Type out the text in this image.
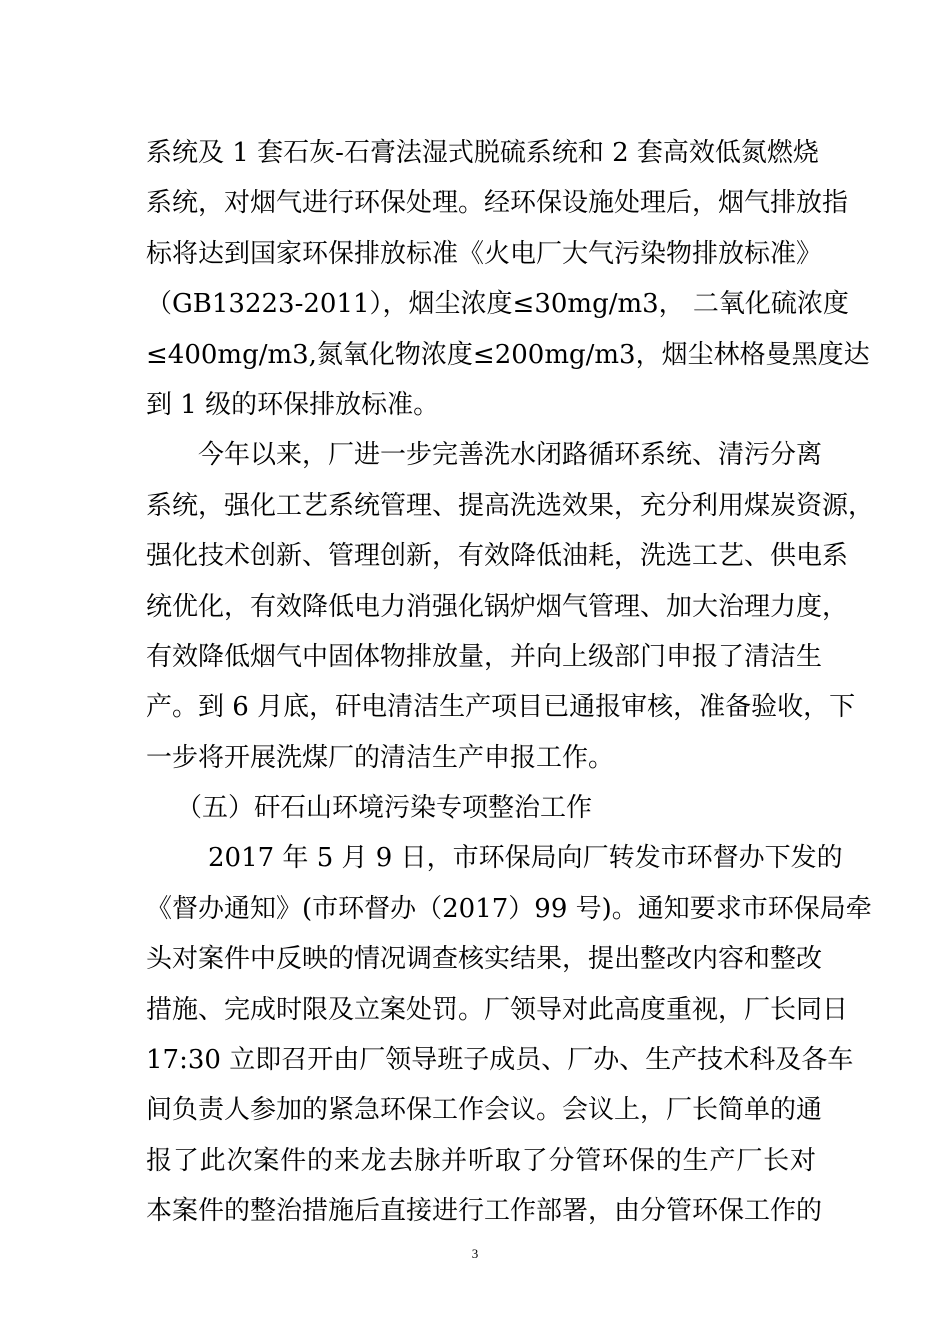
系统及 1 套石灰-石膏法湿式脱硫系统和 2 套高效低氮燃烧
系统，对烟气进行环保处理。经环保设施处理后，烟气排放指
标将达到国家环保排放标准《火电厂大气污染物排放标准》
（GB13223-2011），烟尘浓度≤30mg/m3， 二氧化硫浓度
≤400mg/m3,氮氧化物浓度≤200mg/m3，烟尘林格曼黑度达
到 1 级的环保排放标准。
今年以来，厂进一步完善洗水闭路循环系统、清污分离
系统，强化工艺系统管理、提高洗选效果，充分利用煤炭资源，
强化技术创新、管理创新，有效降低油耗，洗选工艺、供电系
统优化，有效降低电力消强化锅炉烟气管理、加大治理力度，
有效降低烟气中固体物排放量，并向上级部门申报了清洁生
产。到 6 月底，矸电清洁生产项目已通报审核，准备验收，下
一步将开展洗煤厂的清洁生产申报工作。
（五）矸石山环境污染专项整治工作
2017 年 5 月 9 日，市环保局向厂转发市环督办下发的
《督办通知》(市环督办（2017）99 号)。通知要求市环保局牵
头对案件中反映的情况调查核实结果，提出整改内容和整改
措施、完成时限及立案处罚。厂领导对此高度重视，厂长同日
17:30 立即召开由厂领导班子成员、厂办、生产技术科及各车
间负责人参加的紧急环保工作会议。会议上，厂长简单的通
报了此次案件的来龙去脉并听取了分管环保的生产厂长对
本案件的整治措施后直接进行工作部署，由分管环保工作的
3
